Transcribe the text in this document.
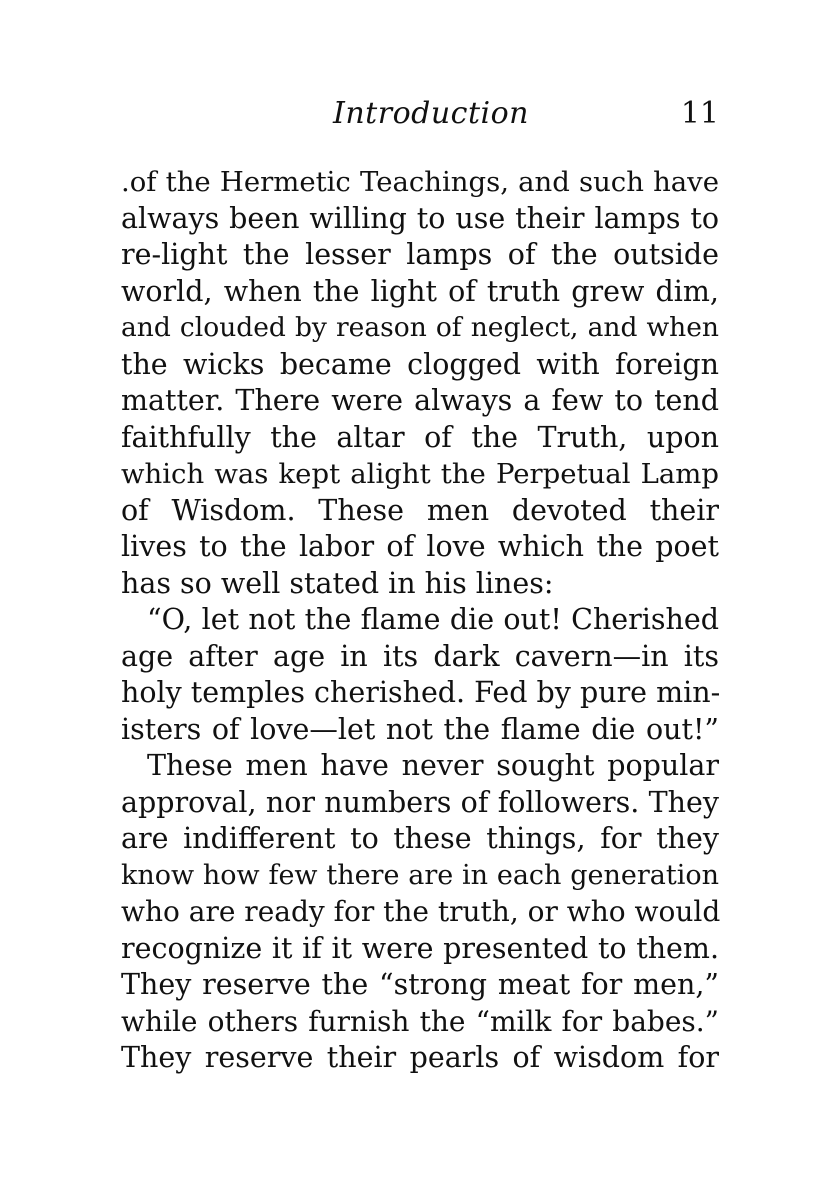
Introduction	11
.of the Hermetic Teachings, and such have
always been willing to use their lamps to
re-light the lesser lamps of the outside
world, when the light of truth grew dim,
and clouded by reason of neglect, and when
the wicks became clogged with foreign
matter. There were always a few to tend
faithfully the altar of the Truth, upon
which was kept alight the Perpetual Lamp
of Wisdom. These men devoted their
lives to the labor of love which the poet
has so well stated in his lines:
“O, let not the flame die out! Cherished
age after age in its dark cavern—in its
holy temples cherished. Fed by pure min-
isters of love—let not the flame die out!”
These men have never sought popular
approval, nor numbers of followers. They
are indifferent to these things, for they
know how few there are in each generation
who are ready for the truth, or who would
recognize it if it were presented to them.
They reserve the “strong meat for men,”
while others furnish the “milk for babes.”
They reserve their pearls of wisdom for
